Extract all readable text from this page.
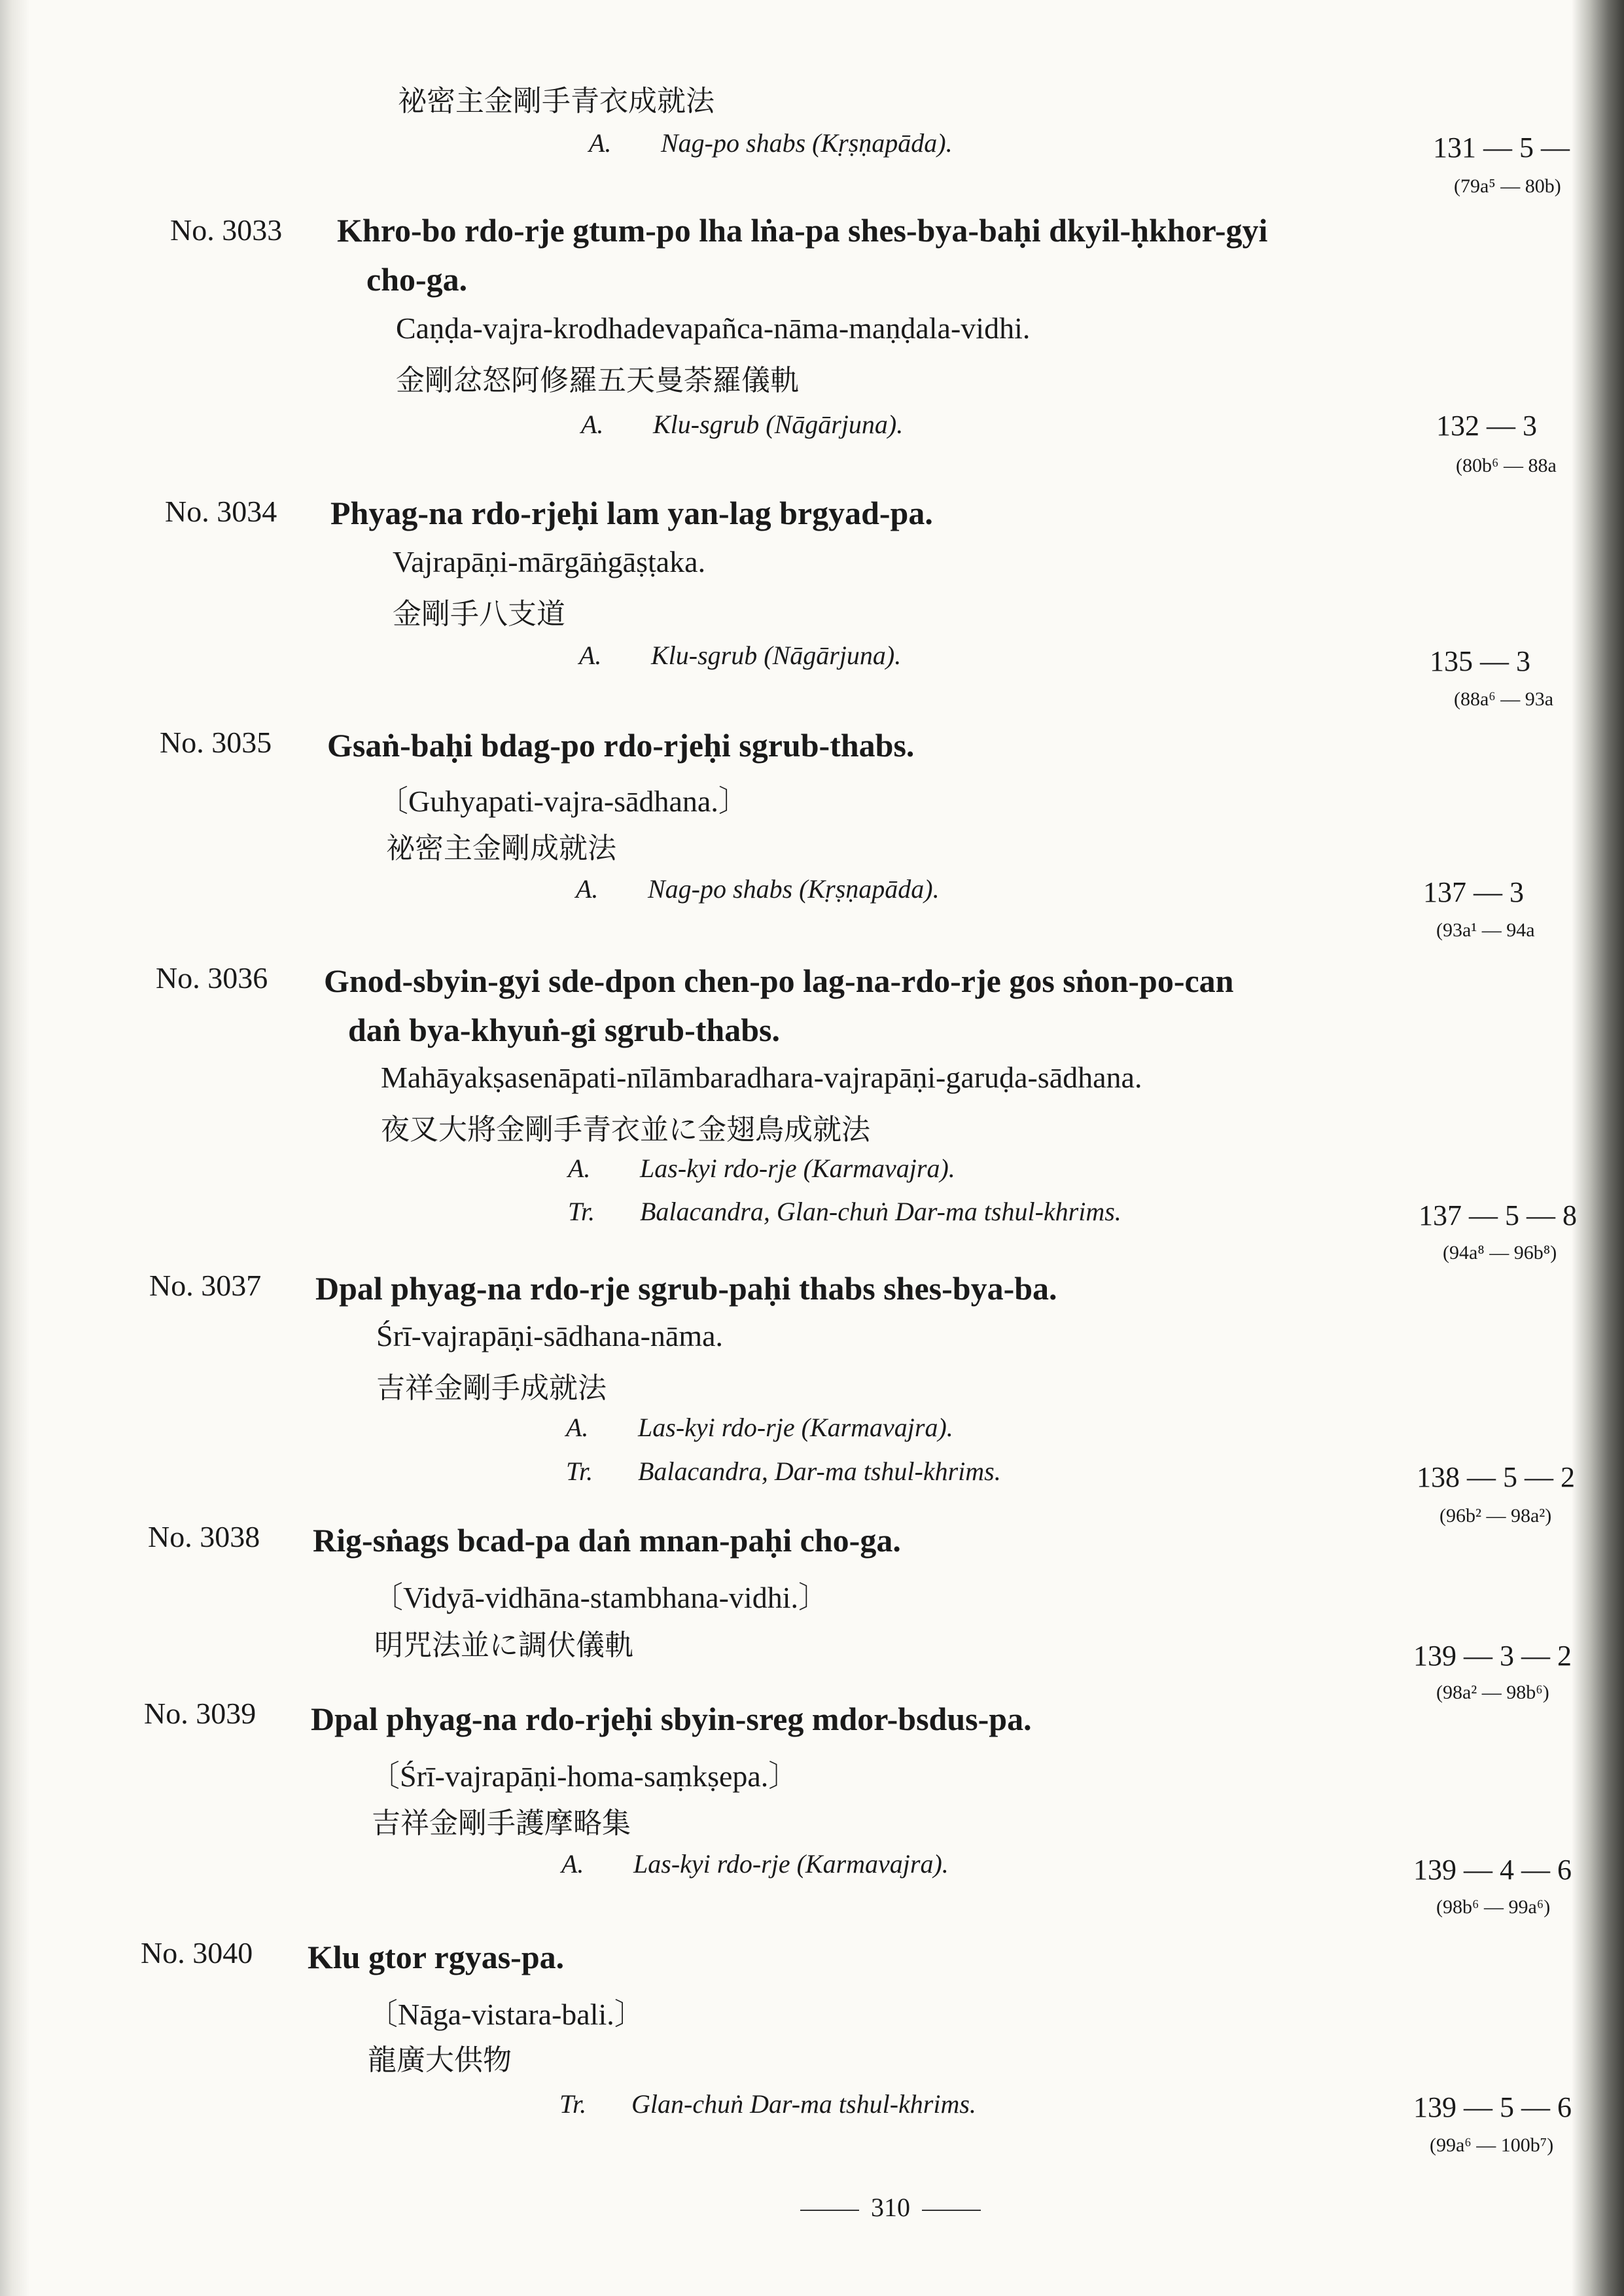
祕密主金剛手青衣成就法
A. Nag-po shabs (Kṛṣṇapāda).	131 — 5 —
(79a⁵ — 80b)
No. 3033 Khro-bo rdo-rje gtum-po lha lṅa-pa shes-bya-baḥi dkyil-ḥkhor-gyi
cho-ga.
Caṇḍa-vajra-krodhadevapañca-nāma-maṇḍala-vidhi.
金剛忿怒阿修羅五天曼荼羅儀軌
A. Klu-sgrub (Nāgārjuna).	132 — 3
(80b⁶ — 88a
No. 3034 Phyag-na rdo-rjeḥi lam yan-lag brgyad-pa.
Vajrapāṇi-mārgāṅgāṣṭaka.
金剛手八支道
A. Klu-sgrub (Nāgārjuna).	135 — 3
(88a⁶ — 93a
No. 3035 Gsaṅ-baḥi bdag-po rdo-rjeḥi sgrub-thabs.
〔Guhyapati-vajra-sādhana.〕
祕密主金剛成就法
A. Nag-po shabs (Kṛṣṇapāda).	137 — 3
(93a¹ — 94a
No. 3036 Gnod-sbyin-gyi sde-dpon chen-po lag-na-rdo-rje gos sṅon-po-can
daṅ bya-khyuṅ-gi sgrub-thabs.
Mahāyakṣasenāpati-nīlāmbaradhara-vajrapāṇi-garuḍa-sādhana.
夜叉大將金剛手青衣並に金翅鳥成就法
A. Las-kyi rdo-rje (Karmavajra).
Tr. Balacandra, Glan-chuṅ Dar-ma tshul-khrims.	137 — 5 — 8
(94a⁸ — 96b⁸)
No. 3037 Dpal phyag-na rdo-rje sgrub-paḥi thabs shes-bya-ba.
Śrī-vajrapāṇi-sādhana-nāma.
吉祥金剛手成就法
A. Las-kyi rdo-rje (Karmavajra).
Tr. Balacandra, Dar-ma tshul-khrims.	138 — 5 — 2
(96b² — 98a²)
No. 3038 Rig-sṅags bcad-pa daṅ mnan-paḥi cho-ga.
〔Vidyā-vidhāna-stambhana-vidhi.〕
明咒法並に調伏儀軌	139 — 3 — 2
(98a² — 98b⁶)
No. 3039 Dpal phyag-na rdo-rjeḥi sbyin-sreg mdor-bsdus-pa.
〔Śrī-vajrapāṇi-homa-saṃkṣepa.〕
吉祥金剛手護摩略集
A. Las-kyi rdo-rje (Karmavajra).	139 — 4 — 6
(98b⁶ — 99a⁶)
No. 3040 Klu gtor rgyas-pa.
〔Nāga-vistara-bali.〕
龍廣大供物
Tr. Glan-chuṅ Dar-ma tshul-khrims.	139 — 5 — 6
(99a⁶ — 100b⁷)
310
